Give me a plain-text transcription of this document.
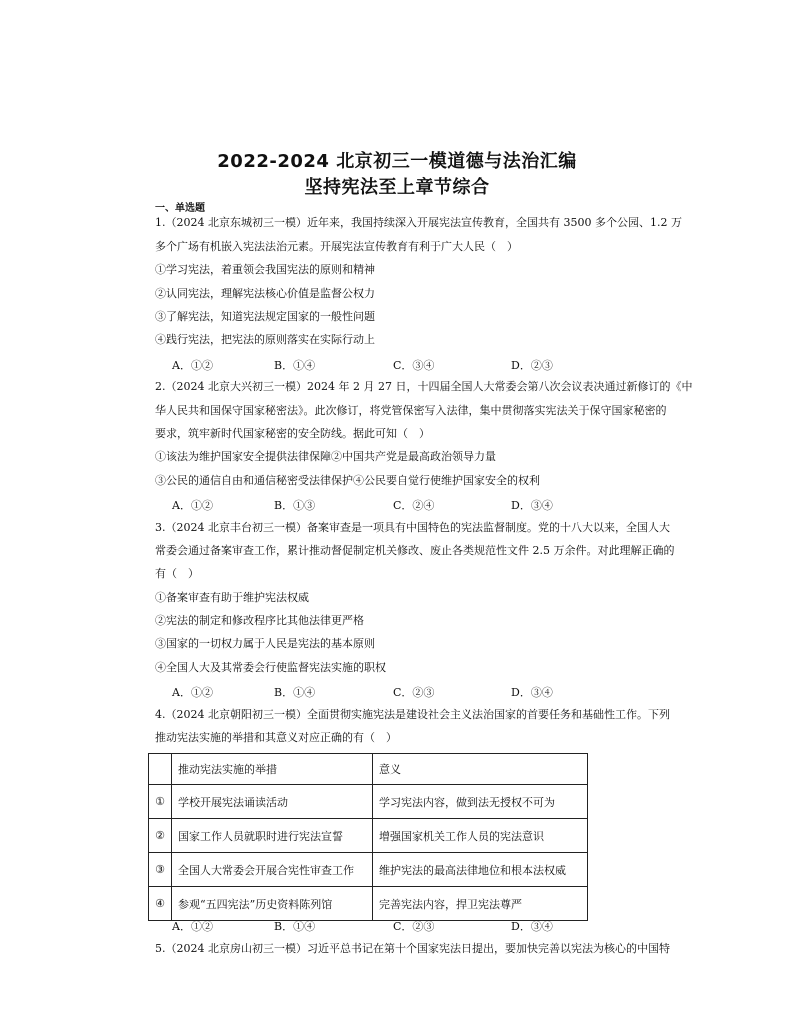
2022-2024 北京初三一模道德与法治汇编
坚持宪法至上章节综合
一、单选题
1.（2024 北京东城初三一模）近年来，我国持续深入开展宪法宣传教育，全国共有 3500 多个公园、1.2 万
多个广场有机嵌入宪法法治元素。开展宪法宣传教育有利于广大人民（　）
①学习宪法，着重领会我国宪法的原则和精神
②认同宪法，理解宪法核心价值是监督公权力
③了解宪法，知道宪法规定国家的一般性问题
④践行宪法，把宪法的原则落实在实际行动上
A．①②	B．①④	C．③④	D．②③
2.（2024 北京大兴初三一模）2024 年 2 月 27 日，十四届全国人大常委会第八次会议表决通过新修订的《中
华人民共和国保守国家秘密法》。此次修订，将党管保密写入法律，集中贯彻落实宪法关于保守国家秘密的
要求，筑牢新时代国家秘密的安全防线。据此可知（　）
①该法为维护国家安全提供法律保障②中国共产党是最高政治领导力量
③公民的通信自由和通信秘密受法律保护④公民要自觉行使维护国家安全的权利
A．①②	B．①③	C．②④	D．③④
3.（2024 北京丰台初三一模）备案审查是一项具有中国特色的宪法监督制度。党的十八大以来，全国人大
常委会通过备案审查工作，累计推动督促制定机关修改、废止各类规范性文件 2.5 万余件。对此理解正确的
有（　）
①备案审查有助于维护宪法权威
②宪法的制定和修改程序比其他法律更严格
③国家的一切权力属于人民是宪法的基本原则
④全国人大及其常委会行使监督宪法实施的职权
A．①②	B．①④	C．②③	D．③④
4.（2024 北京朝阳初三一模）全面贯彻实施宪法是建设社会主义法治国家的首要任务和基础性工作。下列
推动宪法实施的举措和其意义对应正确的有（　）
	推动宪法实施的举措	意义
①	学校开展宪法诵读活动	学习宪法内容，做到法无授权不可为
②	国家工作人员就职时进行宪法宣誓	增强国家机关工作人员的宪法意识
③	全国人大常委会开展合宪性审查工作	维护宪法的最高法律地位和根本法权威
④	参观“五四宪法”历史资料陈列馆	完善宪法内容，捍卫宪法尊严
A．①②	B．①④	C．②③	D．③④
5.（2024 北京房山初三一模）习近平总书记在第十个国家宪法日提出，要加快完善以宪法为核心的中国特
